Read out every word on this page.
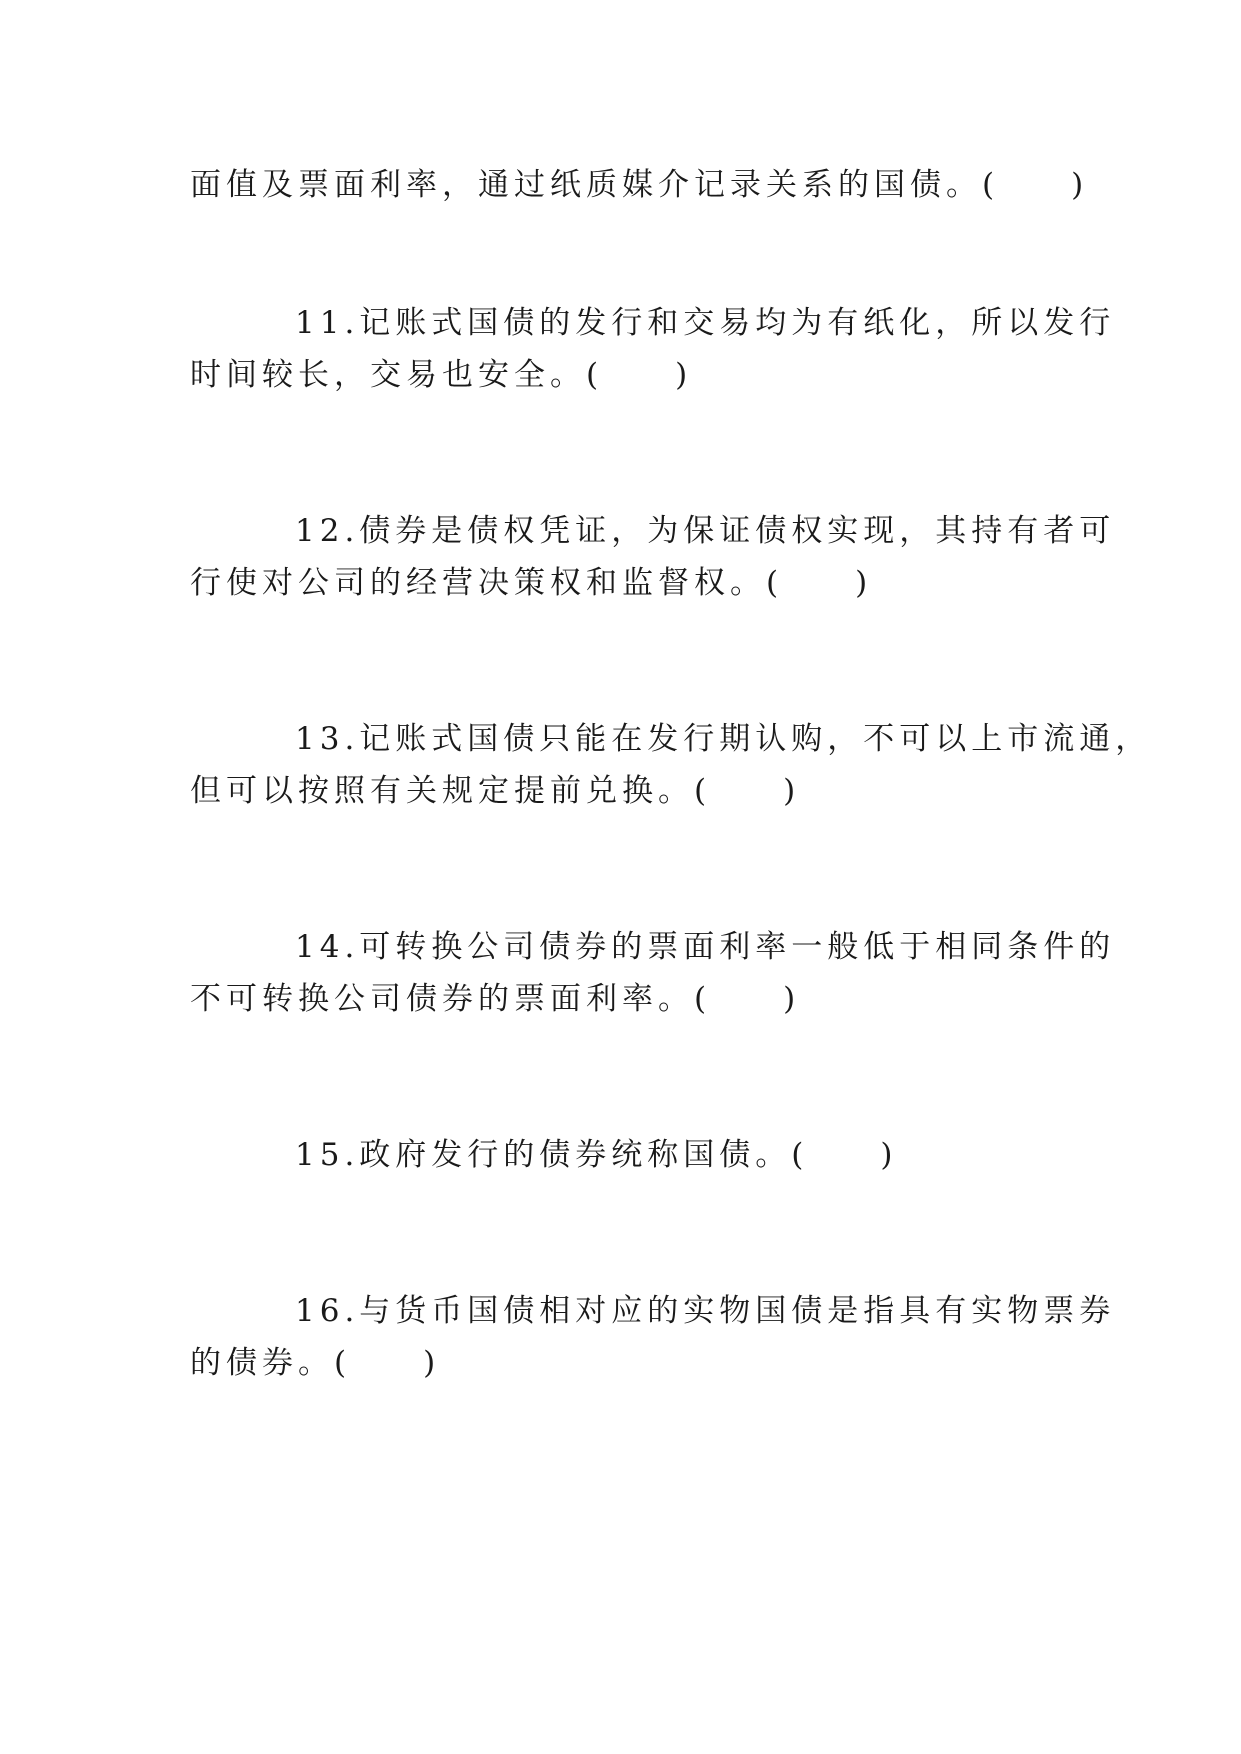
面值及票面利率，通过纸质媒介记录关系的国债。(　　)
11.记账式国债的发行和交易均为有纸化，所以发行
时间较长，交易也安全。(　　)
12.债券是债权凭证，为保证债权实现，其持有者可
行使对公司的经营决策权和监督权。(　　)
13.记账式国债只能在发行期认购，不可以上市流通，
但可以按照有关规定提前兑换。(　　)
14.可转换公司债券的票面利率一般低于相同条件的
不可转换公司债券的票面利率。(　　)
15.政府发行的债券统称国债。(　　)
16.与货币国债相对应的实物国债是指具有实物票券
的债券。(　　)
